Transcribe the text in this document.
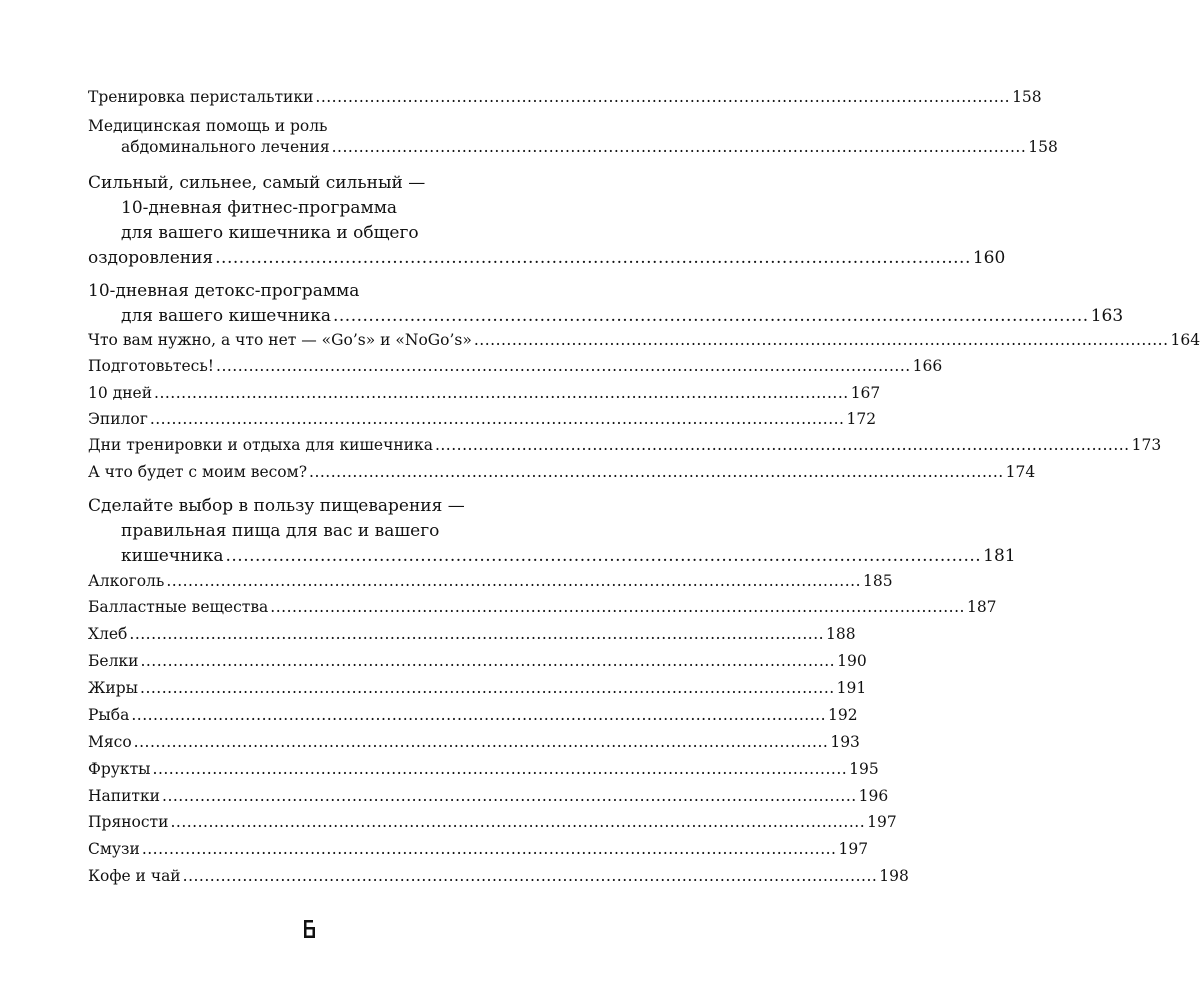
Тренировка перистальтики ................................................................................................................................ 158
Медицинская помощь и роль
абдоминального лечения ................................................................................................................................ 158
Сильный, сильнее, самый сильный —
10-дневная фитнес-программа
для вашего кишечника и общего
оздоровления ................................................................................................................................ 160
10-дневная детокс-программа
для вашего кишечника ................................................................................................................................ 163
Что вам нужно, а что нет — «Go’s» и «NoGo’s» ................................................................................................................................ 164
Подготовьтесь! ................................................................................................................................ 166
10 дней ................................................................................................................................ 167
Эпилог ................................................................................................................................ 172
Дни тренировки и отдыха для кишечника ................................................................................................................................ 173
А что будет с моим весом? ................................................................................................................................ 174
Сделайте выбор в пользу пищеварения —
правильная пища для вас и вашего
кишечника ................................................................................................................................ 181
Алкоголь ................................................................................................................................ 185
Балластные вещества ................................................................................................................................ 187
Хлеб ................................................................................................................................ 188
Белки ................................................................................................................................ 190
Жиры ................................................................................................................................ 191
Рыба ................................................................................................................................ 192
Мясо ................................................................................................................................ 193
Фрукты ................................................................................................................................ 195
Напитки ................................................................................................................................ 196
Пряности ................................................................................................................................ 197
Смузи ................................................................................................................................ 197
Кофе и чай ................................................................................................................................ 198
